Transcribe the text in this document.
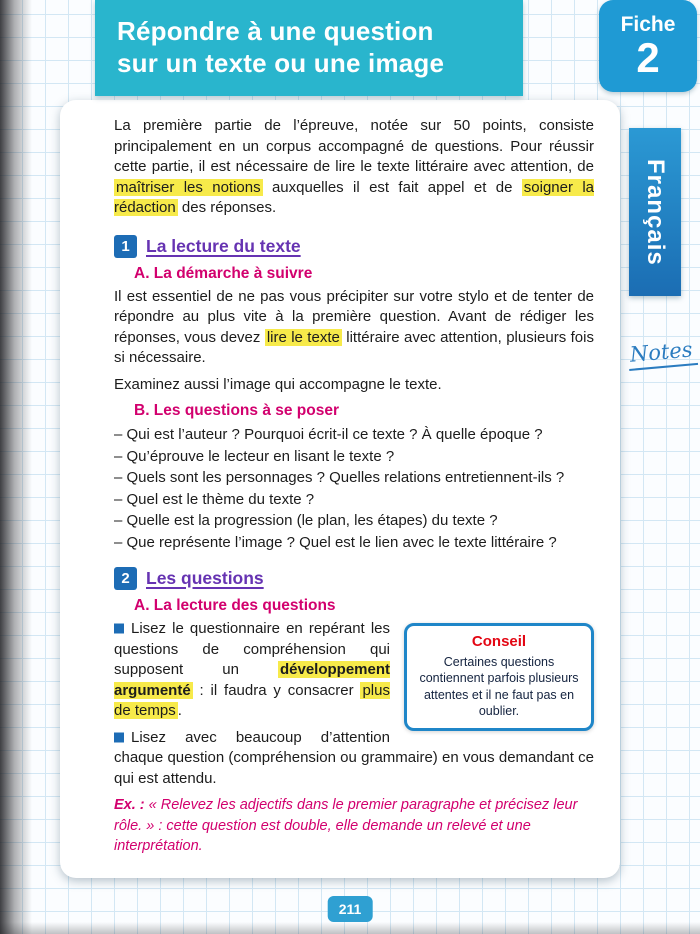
Répondre à une question
sur un texte ou une image
Fiche
2
Français
Notes

La première partie de l’épreuve, notée sur 50 points, consiste principalement en un corpus accompagné de questions. Pour réussir cette partie, il est nécessaire de lire le texte littéraire avec attention, de maîtriser les notions auxquelles il est fait appel et de soigner la rédaction des réponses.

1 La lecture du texte
A. La démarche à suivre

Il est essentiel de ne pas vous précipiter sur votre stylo et de tenter de répondre au plus vite à la première question. Avant de rédiger les réponses, vous devez lire le texte littéraire avec attention, plusieurs fois si nécessaire.

Examinez aussi l’image qui accompagne le texte.

B. Les questions à se poser
– Qui est l’auteur ? Pourquoi écrit-il ce texte ? À quelle époque ?
– Qu’éprouve le lecteur en lisant le texte ?
– Quels sont les personnages ? Quelles relations entretiennent-ils ?
– Quel est le thème du texte ?
– Quelle est la progression (le plan, les étapes) du texte ?
– Que représente l’image ? Quel est le lien avec le texte littéraire ?
2 Les questions
A. La lecture des questions
Conseil
Certaines questions contiennent parfois plusieurs attentes et il ne faut pas en oublier.

Lisez le questionnaire en repérant les questions de compréhension qui supposent un développement argumenté : il faudra y consacrer plus de temps .

Lisez avec beaucoup d’attention chaque question (compréhension ou grammaire) en vous demandant ce qui est attendu.

Ex. : « Relevez les adjectifs dans le premier paragraphe et précisez leur rôle. » : cette question est double, elle demande un relevé et une interprétation.

211
